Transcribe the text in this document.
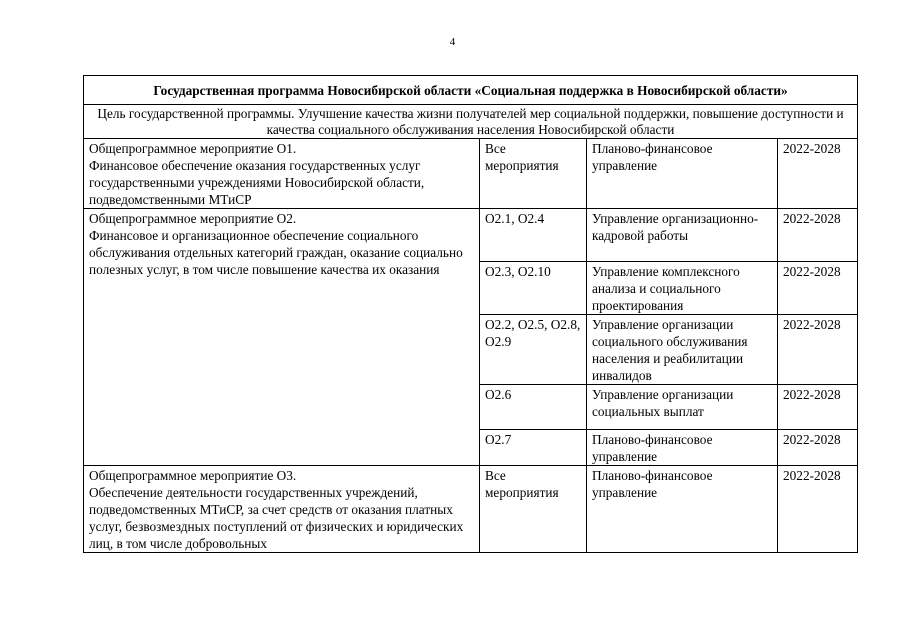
4
Государственная программа Новосибирской области «Социальная поддержка в Новосибирской области»			
Цель государственной программы. Улучшение качества жизни получателей мер социальной поддержки, повышение доступности и качества социального обслуживания населения Новосибирской области			

Общепрограммное мероприятие О1.
Финансовое обеспечение оказания государственных услуг государственными учреждениями Новосибирской области, подведомственными МТиСР	Все мероприятия	Планово-финансовое управление	2022-2028

Общепрограммное мероприятие О2.
Финансовое и организационное обеспечение социального обслуживания отдельных категорий граждан, оказание социально полезных услуг, в том числе повышение качества их оказания	О2.1, О2.4	Управление организационно-кадровой работы	2022-2028
	О2.3, О2.10	Управление комплексного анализа и социального проектирования	2022-2028
	О2.2, О2.5, О2.8, О2.9	Управление организации социального обслуживания населения и реабилитации инвалидов	2022-2028
	О2.6	Управление организации социальных выплат	2022-2028
	О2.7	Планово-финансовое управление	2022-2028

Общепрограммное мероприятие О3.
Обеспечение деятельности государственных учреждений, подведомственных МТиСР, за счет средств от оказания платных услуг, безвозмездных поступлений от физических и юридических лиц, в том числе добровольных	Все мероприятия	Планово-финансовое управление	2022-2028
